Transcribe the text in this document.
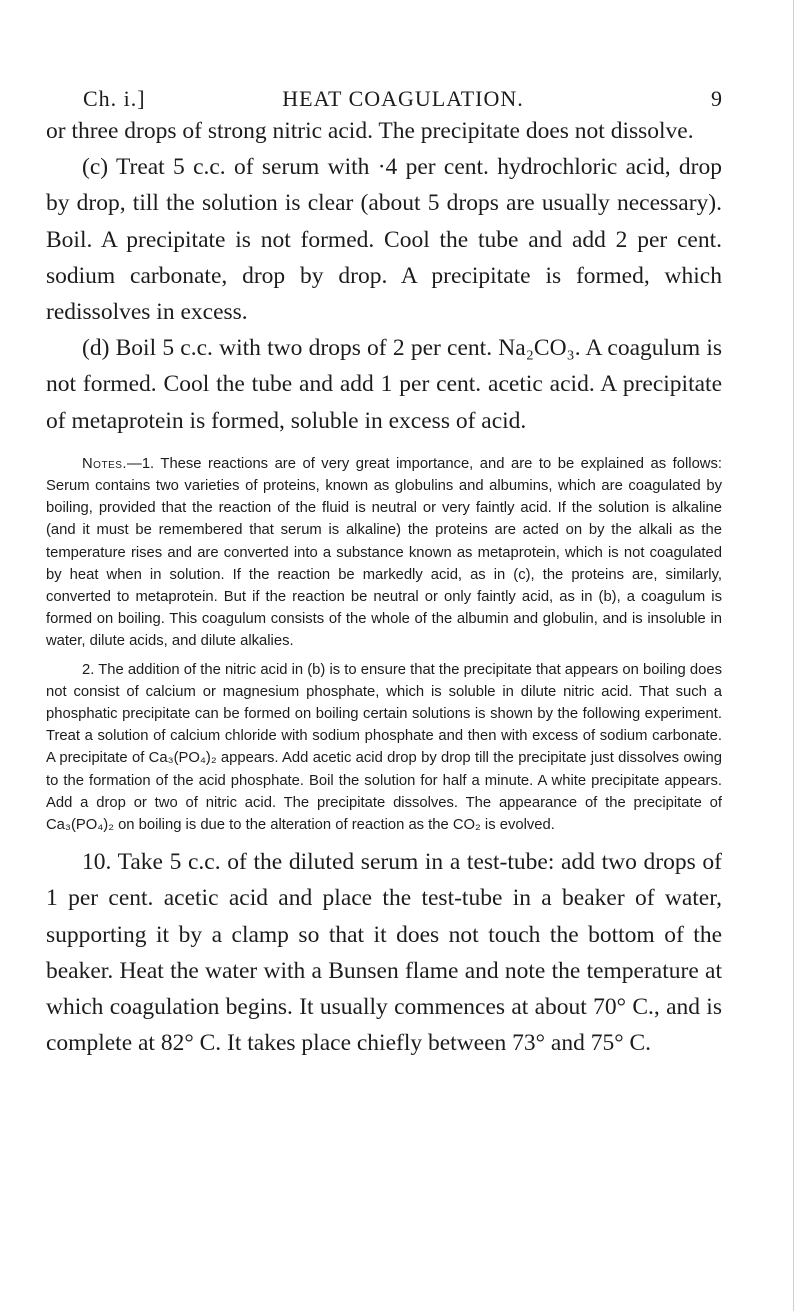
Ch. i.]	HEAT COAGULATION.	9

or three drops of strong nitric acid. The precipitate does not dissolve.

(c) Treat 5 c.c. of serum with ·4 per cent. hydrochloric acid, drop by drop, till the solution is clear (about 5 drops are usually necessary). Boil. A precipitate is not formed. Cool the tube and add 2 per cent. sodium carbonate, drop by drop. A precipitate is formed, which redissolves in excess.

(d) Boil 5 c.c. with two drops of 2 per cent. Na₂CO₃. A coagulum is not formed. Cool the tube and add 1 per cent. acetic acid. A precipitate of metaprotein is formed, soluble in excess of acid.

Notes.—1. These reactions are of very great importance, and are to be explained as follows: Serum contains two varieties of proteins, known as globulins and albumins, which are coagulated by boiling, provided that the reaction of the fluid is neutral or very faintly acid. If the solution is alkaline (and it must be remembered that serum is alkaline) the proteins are acted on by the alkali as the temperature rises and are converted into a substance known as metaprotein, which is not coagulated by heat when in solution. If the reaction be markedly acid, as in (c), the proteins are, similarly, converted to metaprotein. But if the reaction be neutral or only faintly acid, as in (b), a coagulum is formed on boiling. This coagulum consists of the whole of the albumin and globulin, and is insoluble in water, dilute acids, and dilute alkalies.

2. The addition of the nitric acid in (b) is to ensure that the precipitate that appears on boiling does not consist of calcium or magnesium phosphate, which is soluble in dilute nitric acid. That such a phosphatic precipitate can be formed on boiling certain solutions is shown by the following experiment. Treat a solution of calcium chloride with sodium phosphate and then with excess of sodium carbonate. A precipitate of Ca₃(PO₄)₂ appears. Add acetic acid drop by drop till the precipitate just dissolves owing to the formation of the acid phosphate. Boil the solution for half a minute. A white precipitate appears. Add a drop or two of nitric acid. The precipitate dissolves. The appearance of the precipitate of Ca₃(PO₄)₂ on boiling is due to the alteration of reaction as the CO₂ is evolved.

10. Take 5 c.c. of the diluted serum in a test-tube: add two drops of 1 per cent. acetic acid and place the test-tube in a beaker of water, supporting it by a clamp so that it does not touch the bottom of the beaker. Heat the water with a Bunsen flame and note the temperature at which coagulation begins. It usually commences at about 70° C., and is complete at 82° C. It takes place chiefly between 73° and 75° C.
